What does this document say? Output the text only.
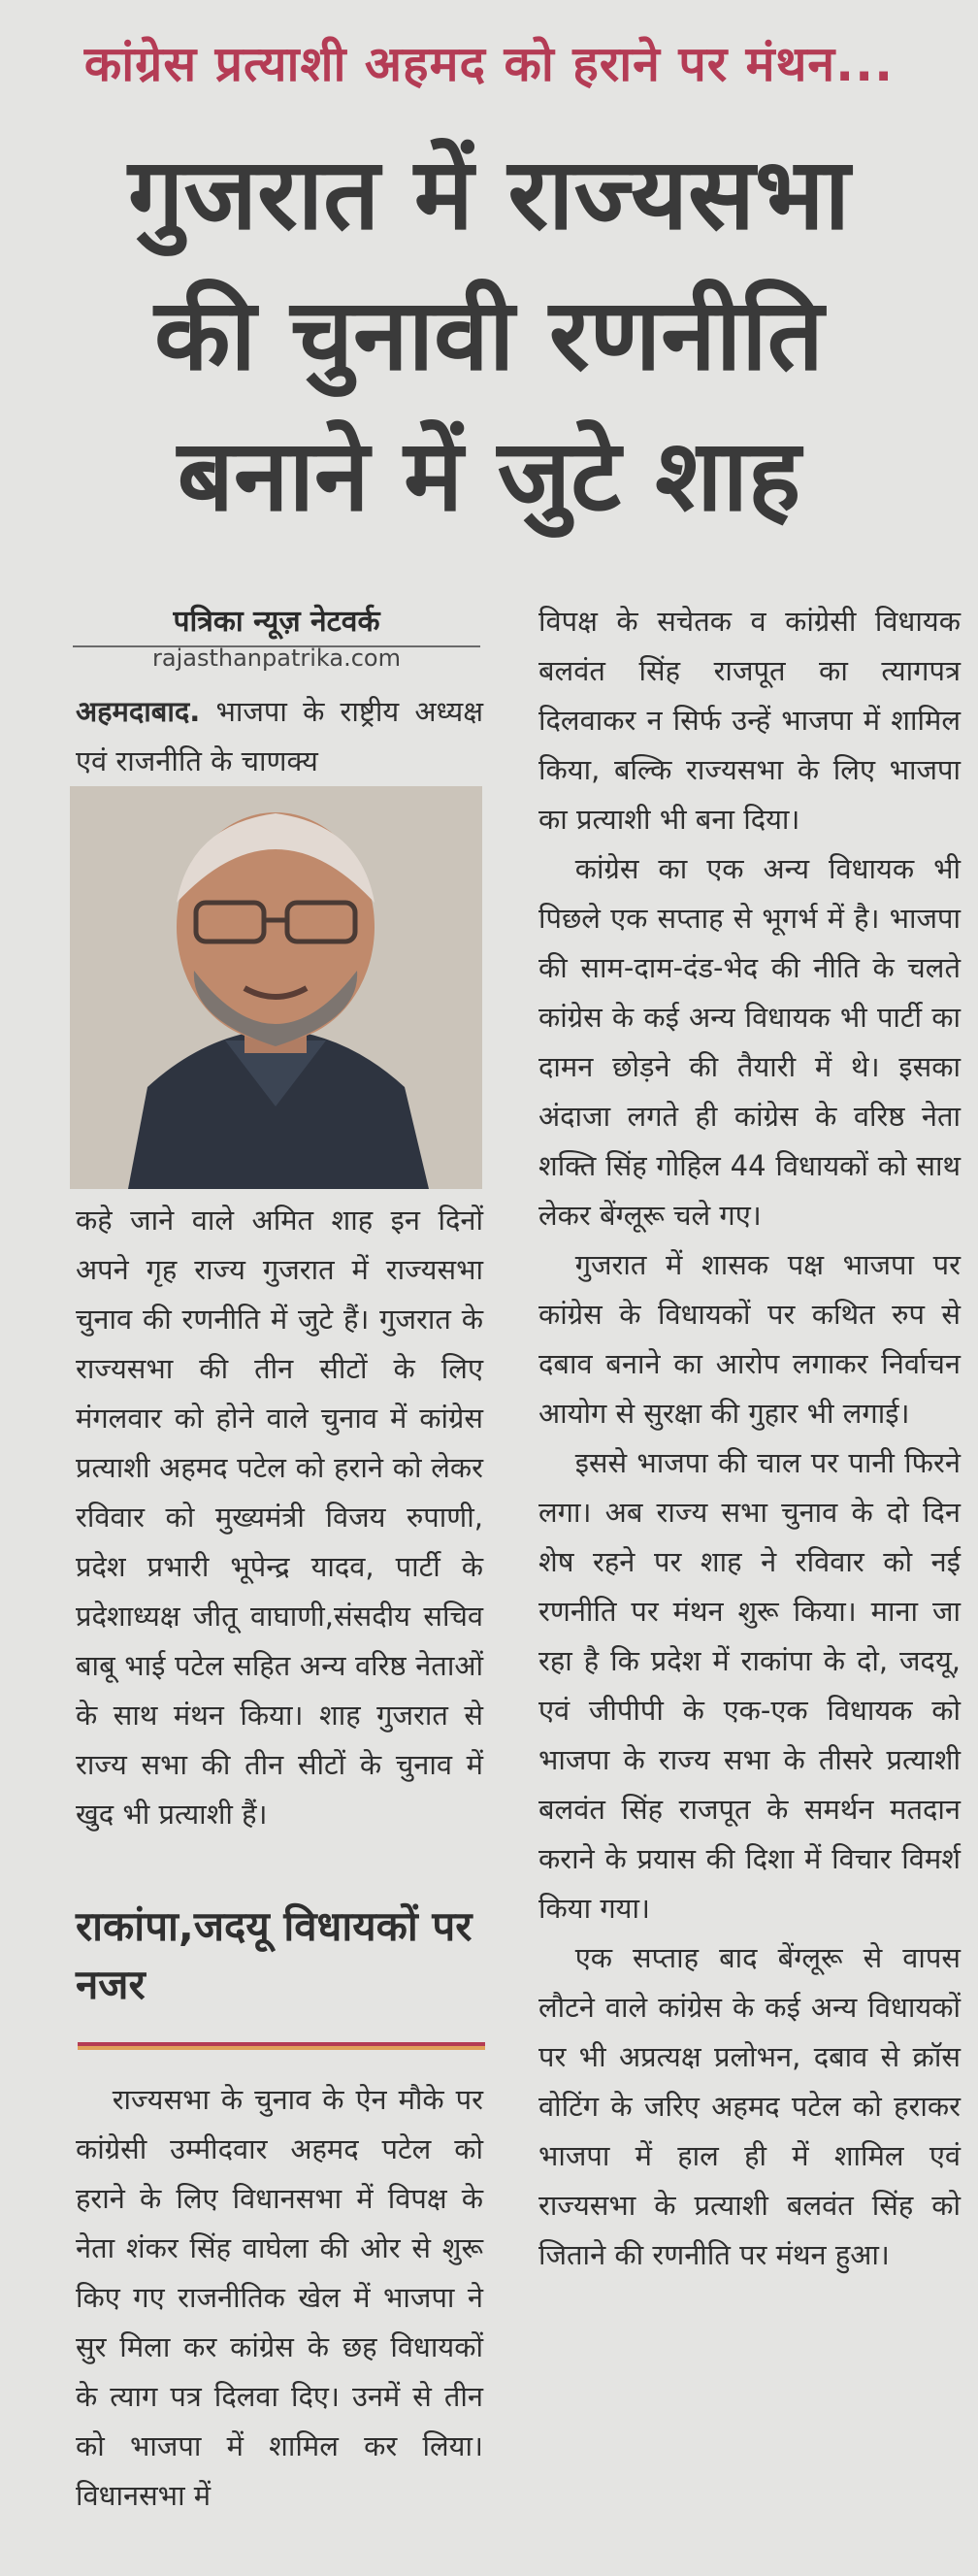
कांग्रेस प्रत्याशी अहमद को हराने पर मंथन...
गुजरात में राज्यसभा
की चुनावी रणनीति
बनाने में जुटे शाह
पत्रिका न्यूज़ नेटवर्क
rajasthanpatrika.com

अहमदाबाद. भाजपा के राष्ट्रीय अध्यक्ष एवं राजनीति के चाणक्य

कहे जाने वाले अमित शाह इन दिनों अपने गृह राज्य गुजरात में राज्यसभा चुनाव की रणनीति में जुटे हैं। गुजरात के राज्यसभा की तीन सीटों के लिए मंगलवार को होने वाले चुनाव में कांग्रेस प्रत्याशी अहमद पटेल को हराने को लेकर रविवार को मुख्यमंत्री विजय रुपाणी, प्रदेश प्रभारी भूपेन्द्र यादव, पार्टी के प्रदेशाध्यक्ष जीतू वाघाणी,संसदीय सचिव बाबू भाई पटेल सहित अन्य वरिष्ठ नेताओं के साथ मंथन किया। शाह गुजरात से राज्य सभा की तीन सीटों के चुनाव में खुद भी प्रत्याशी हैं।

राकांपा,जदयू विधायकों पर नजर

राज्यसभा के चुनाव के ऐन मौके पर कांग्रेसी उम्मीदवार अहमद पटेल को हराने के लिए विधानसभा में विपक्ष के नेता शंकर सिंह वाघेला की ओर से शुरू किए गए राजनीतिक खेल में भाजपा ने सुर मिला कर कांग्रेस के छह विधायकों के त्याग पत्र दिलवा दिए। उनमें से तीन को भाजपा में शामिल कर लिया। विधानसभा में

विपक्ष के सचेतक व कांग्रेसी विधायक बलवंत सिंह राजपूत का त्यागपत्र दिलवाकर न सिर्फ उन्हें भाजपा में शामिल किया, बल्कि राज्यसभा के लिए भाजपा का प्रत्याशी भी बना दिया।

कांग्रेस का एक अन्य विधायक भी पिछले एक सप्ताह से भूगर्भ में है। भाजपा की साम-दाम-दंड-भेद की नीति के चलते कांग्रेस के कई अन्य विधायक भी पार्टी का दामन छोड़ने की तैयारी में थे। इसका अंदाजा लगते ही कांग्रेस के वरिष्ठ नेता शक्ति सिंह गोहिल 44 विधायकों को साथ लेकर बेंग्लूरू चले गए।

गुजरात में शासक पक्ष भाजपा पर कांग्रेस के विधायकों पर कथित रुप से दबाव बनाने का आरोप लगाकर निर्वाचन आयोग से सुरक्षा की गुहार भी लगाई।

इससे भाजपा की चाल पर पानी फिरने लगा। अब राज्य सभा चुनाव के दो दिन शेष रहने पर शाह ने रविवार को नई रणनीति पर मंथन शुरू किया। माना जा रहा है कि प्रदेश में राकांपा के दो, जदयू, एवं जीपीपी के एक-एक विधायक को भाजपा के राज्य सभा के तीसरे प्रत्याशी बलवंत सिंह राजपूत के समर्थन मतदान कराने के प्रयास की दिशा में विचार विमर्श किया गया।

एक सप्ताह बाद बेंग्लूरू से वापस लौटने वाले कांग्रेस के कई अन्य विधायकों पर भी अप्रत्यक्ष प्रलोभन, दबाव से क्रॉस वोटिंग के जरिए अहमद पटेल को हराकर भाजपा में हाल ही में शामिल एवं राज्यसभा के प्रत्याशी बलवंत सिंह को जिताने की रणनीति पर मंथन हुआ।
